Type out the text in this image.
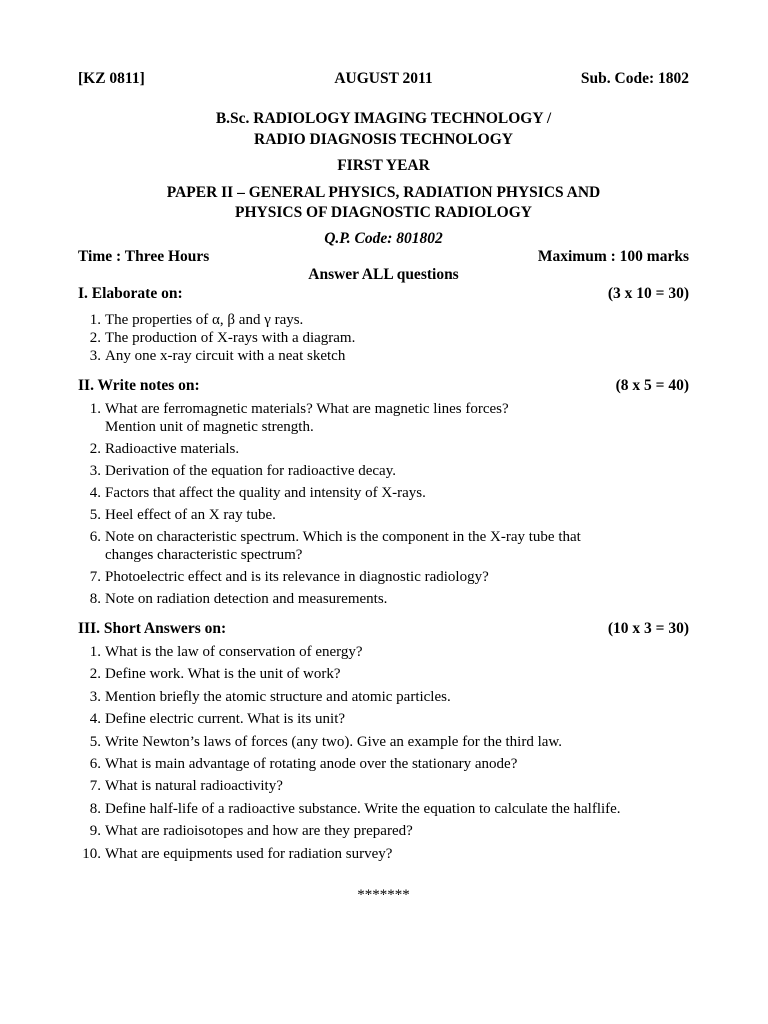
[KZ 0811]	AUGUST 2011	Sub. Code: 1802
B.Sc. RADIOLOGY IMAGING TECHNOLOGY /
RADIO DIAGNOSIS TECHNOLOGY
FIRST YEAR
PAPER II – GENERAL PHYSICS, RADIATION PHYSICS AND
PHYSICS OF DIAGNOSTIC RADIOLOGY
Q.P. Code: 801802
Time : Three Hours	Maximum : 100 marks
Answer ALL questions
I. Elaborate on:	(3 x 10 = 30)
1. The properties of α, β and γ rays.
2. The production of X-rays with a diagram.
3. Any one x-ray circuit with a neat sketch
II. Write notes on:	(8 x 5 = 40)
1. What are ferromagnetic materials? What are magnetic lines forces?
Mention unit of magnetic strength.
2. Radioactive materials.
3. Derivation of the equation for radioactive decay.
4. Factors that affect the quality and intensity of X-rays.
5. Heel effect of an X ray tube.
6. Note on characteristic spectrum. Which is the component in the X-ray tube that
changes characteristic spectrum?
7. Photoelectric effect and is its relevance in diagnostic radiology?
8. Note on radiation detection and measurements.
III. Short Answers on:	(10 x 3 = 30)
1. What is the law of conservation of energy?
2. Define work. What is the unit of work?
3. Mention briefly the atomic structure and atomic particles.
4. Define electric current. What is its unit?
5. Write Newton’s laws of forces (any two). Give an example for the third law.
6. What is main advantage of rotating anode over the stationary anode?
7. What is natural radioactivity?
8. Define half-life of a radioactive substance. Write the equation to calculate the halflife.
9. What are radioisotopes and how are they prepared?
10. What are equipments used for radiation survey?
*******
